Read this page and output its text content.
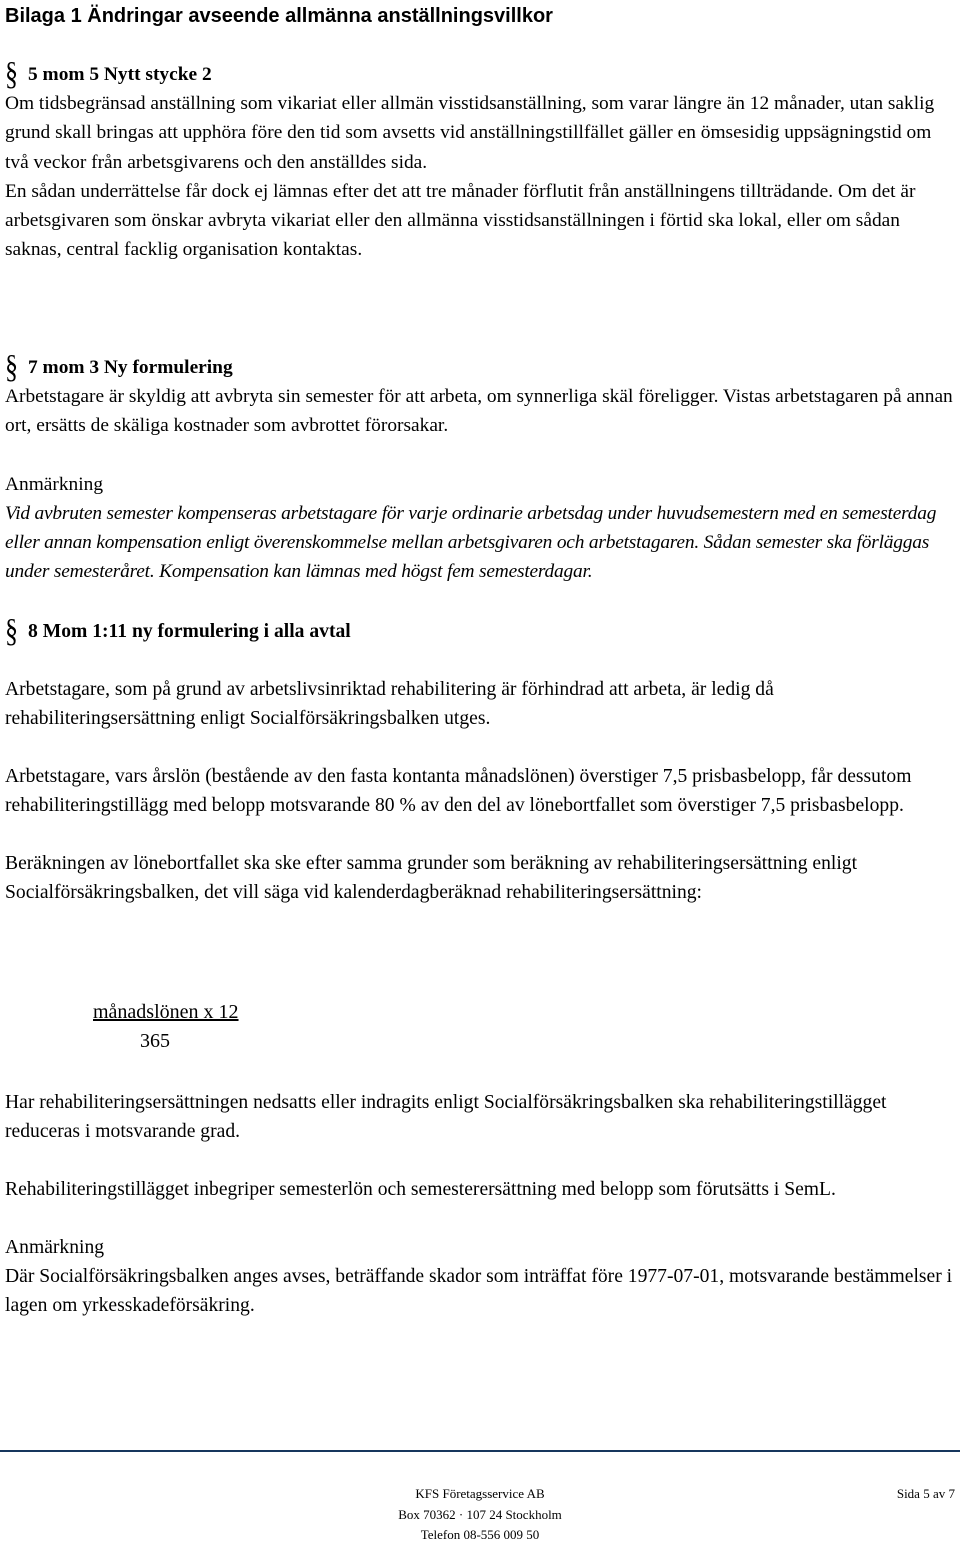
Bilaga 1 Ändringar avseende allmänna anställningsvillkor
§ 5 mom 5 Nytt stycke 2

Om tidsbegränsad anställning som vikariat eller allmän visstidsanställning, som varar längre än 12 månader, utan saklig grund skall bringas att upphöra före den tid som avsetts vid anställningstillfället gäller en ömsesidig uppsägningstid om två veckor från arbetsgivarens och den anställdes sida.
En sådan underrättelse får dock ej lämnas efter det att tre månader förflutit från anställningens tillträdande. Om det är arbetsgivaren som önskar avbryta vikariat eller den allmänna visstidsanställningen i förtid ska lokal, eller om sådan saknas, central facklig organisation kontaktas.

§ 7 mom 3 Ny formulering

Arbetstagare är skyldig att avbryta sin semester för att arbeta, om synnerliga skäl föreligger. Vistas arbetstagaren på annan ort, ersätts de skäliga kostnader som avbrottet förorsakar.

Anmärkning

Vid avbruten semester kompenseras arbetstagare för varje ordinarie arbetsdag under huvudsemestern med en semesterdag eller annan kompensation enligt överenskommelse mellan arbetsgivaren och arbetstagaren. Sådan semester ska förläggas under semesteråret. Kompensation kan lämnas med högst fem semesterdagar.

§ 8 Mom 1:11 ny formulering i alla avtal

Arbetstagare, som på grund av arbetslivsinriktad rehabilitering är förhindrad att arbeta, är ledig då rehabiliteringsersättning enligt Socialförsäkringsbalken utges.

Arbetstagare, vars årslön (bestående av den fasta kontanta månadslönen) överstiger 7,5 prisbasbelopp, får dessutom rehabiliteringstillägg med belopp motsvarande 80 % av den del av lönebortfallet som överstiger 7,5 prisbasbelopp.

Beräkningen av lönebortfallet ska ske efter samma grunder som beräkning av rehabiliteringsersättning enligt Socialförsäkringsbalken, det vill säga vid kalenderdagberäknad rehabiliteringsersättning:

månadslönen x 12
365

Har rehabiliteringsersättningen nedsatts eller indragits enligt Socialförsäkringsbalken ska rehabiliteringstillägget reduceras i motsvarande grad.

Rehabiliteringstillägget inbegriper semesterlön och semesterersättning med belopp som förutsätts i SemL.

Anmärkning

Där Socialförsäkringsbalken anges avses, beträffande skador som inträffat före 1977-07-01, motsvarande bestämmelser i lagen om yrkesskadeförsäkring.

KFS Företagsservice AB
Box 70362 · 107 24 Stockholm
Telefon 08-556 009 50
Sida 5 av 7
